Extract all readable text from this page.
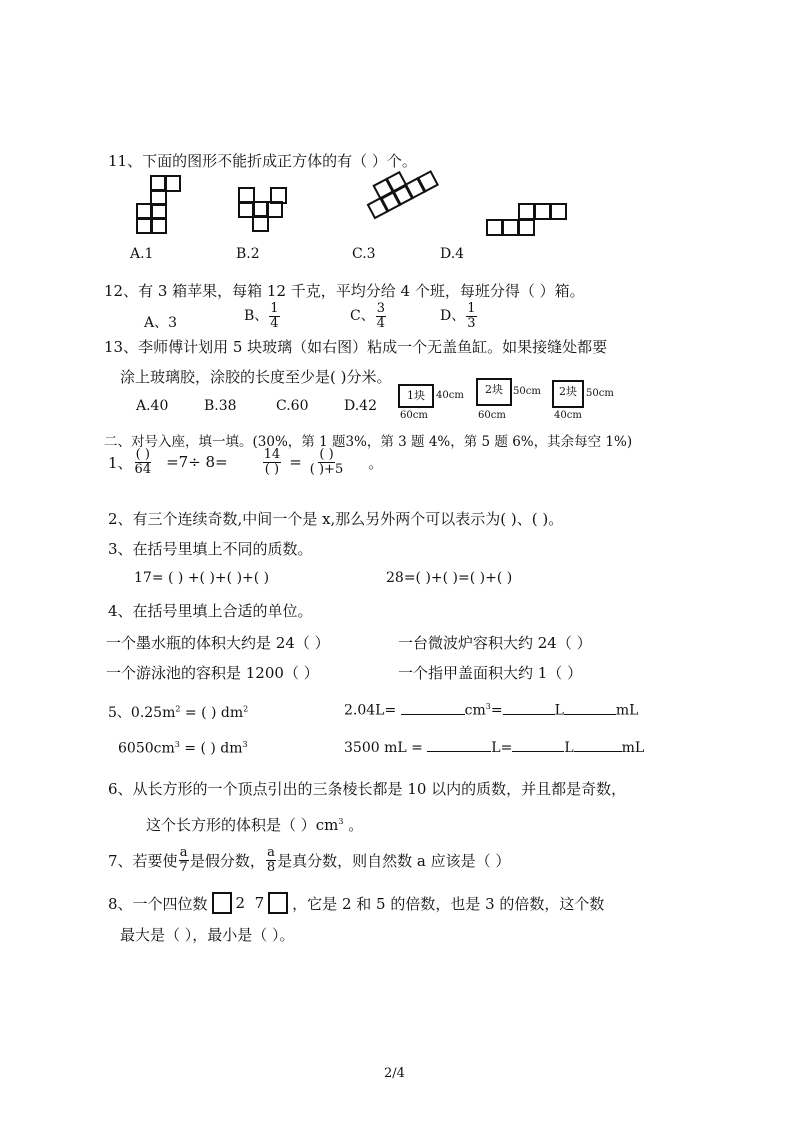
11、下面的图形不能折成正方体的有（ ）个。
A.1	B.2	C.3	D.4
12、有 3 箱苹果，每箱 12 千克，平均分给 4 个班，每班分得（ ）箱。
A、3	B、 $\frac{1}{4}$	C、 $\frac{3}{4}$	D、 $\frac{1}{3}$
13、李师傅计划用 5 块玻璃（如右图）粘成一个无盖鱼缸。如果接缝处都要
涂上玻璃胶，涂胶的长度至少是( )分米。
A.40	B.38	C.60	D.42
1块	40cm
60cm
2块	50cm
60cm
2块 50cm
40cm
二、对号入座，填一填。(30%，第 1 题3%，第 3 题 4%，第 5 题 6%，其余每空 1%)
1、 $\frac{( )}{64} =7\div 8=$	$\frac{14}{( )} = \frac{( )}{( )+5}$ 。
2、有三个连续奇数,中间一个是 x,那么另外两个可以表示为( )、( )。
3、在括号里填上不同的质数。
17= ( ) +( )+( )+( )	28=( )+( )=( )+( )
4、在括号里填上合适的单位。
一个墨水瓶的体积大约是 24（ ）	一台微波炉容积大约 24（ ）
一个游泳池的容积是 1200（ ）	一个指甲盖面积大约 1（ ）
5、$0.25m^2$ = ( ) $dm^2$	2.04L=	$cm^3=$	L	mL
$6050cm^3$ = ( ) $dm^3$	3500 mL =	L=	L	mL
6、从长方形的一个顶点引出的三条棱长都是 10 以内的质数，并且都是奇数，
这个长方形的体积是（ ）$cm^3$ 。
7、若要使 $\frac{a}{7}$ 是假分数， $\frac{a}{8}$ 是真分数，则自然数 a 应该是（ ）
8、一个四位数 2  7 ，它是 2 和 5 的倍数，也是 3 的倍数，这个数
最大是（ ），最小是（ ）。
2/4
